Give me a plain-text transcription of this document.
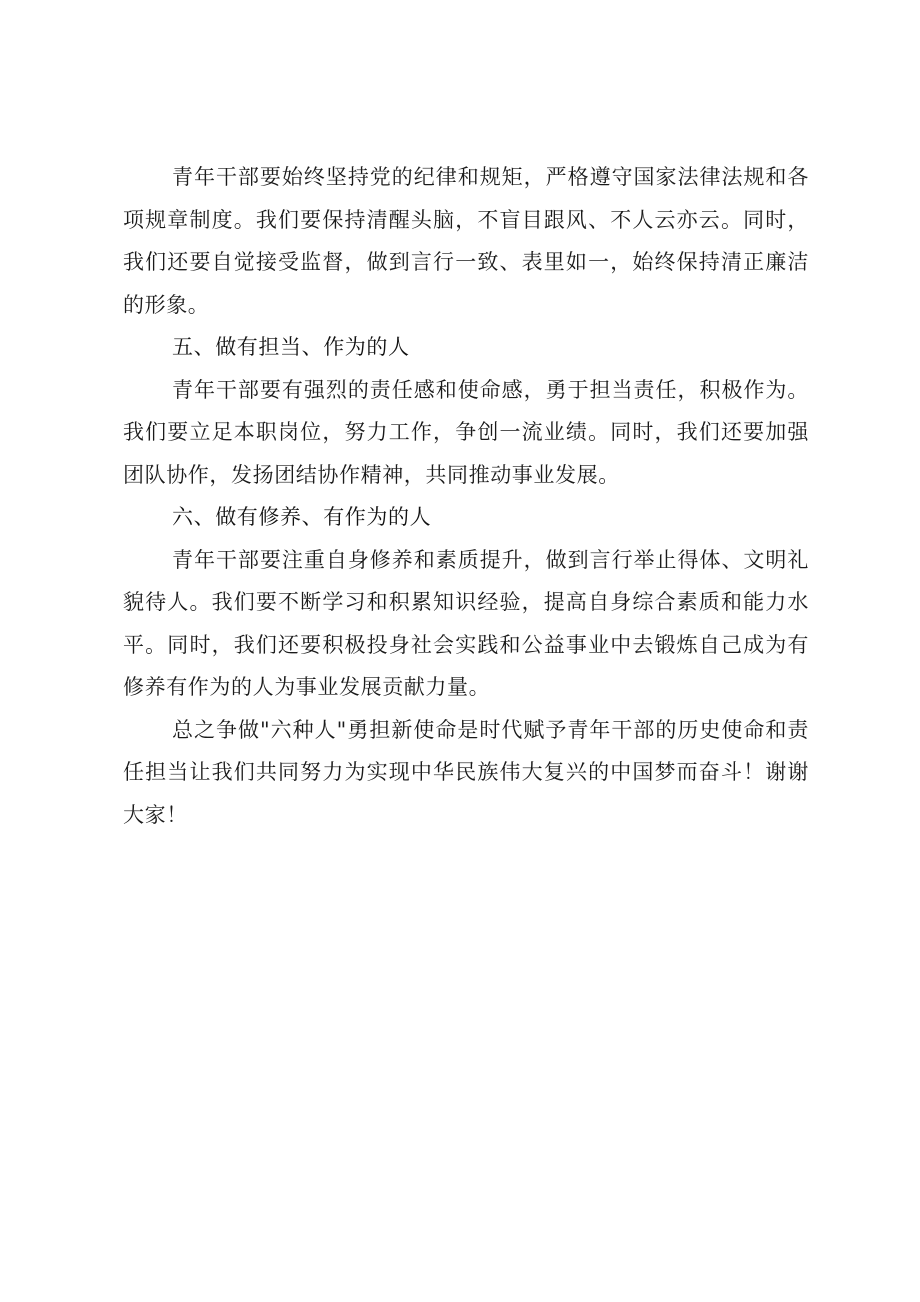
青年干部要始终坚持党的纪律和规矩，严格遵守国家法律法规和各项规章制度。我们要保持清醒头脑，不盲目跟风、不人云亦云。同时，我们还要自觉接受监督，做到言行一致、表里如一，始终保持清正廉洁的形象。

五、做有担当、作为的人

青年干部要有强烈的责任感和使命感，勇于担当责任，积极作为。我们要立足本职岗位，努力工作，争创一流业绩。同时，我们还要加强团队协作，发扬团结协作精神，共同推动事业发展。

六、做有修养、有作为的人

青年干部要注重自身修养和素质提升，做到言行举止得体、文明礼貌待人。我们要不断学习和积累知识经验，提高自身综合素质和能力水平。同时，我们还要积极投身社会实践和公益事业中去锻炼自己成为有修养有作为的人为事业发展贡献力量。

总之争做"六种人"勇担新使命是时代赋予青年干部的历史使命和责任担当让我们共同努力为实现中华民族伟大复兴的中国梦而奋斗！谢谢大家！
